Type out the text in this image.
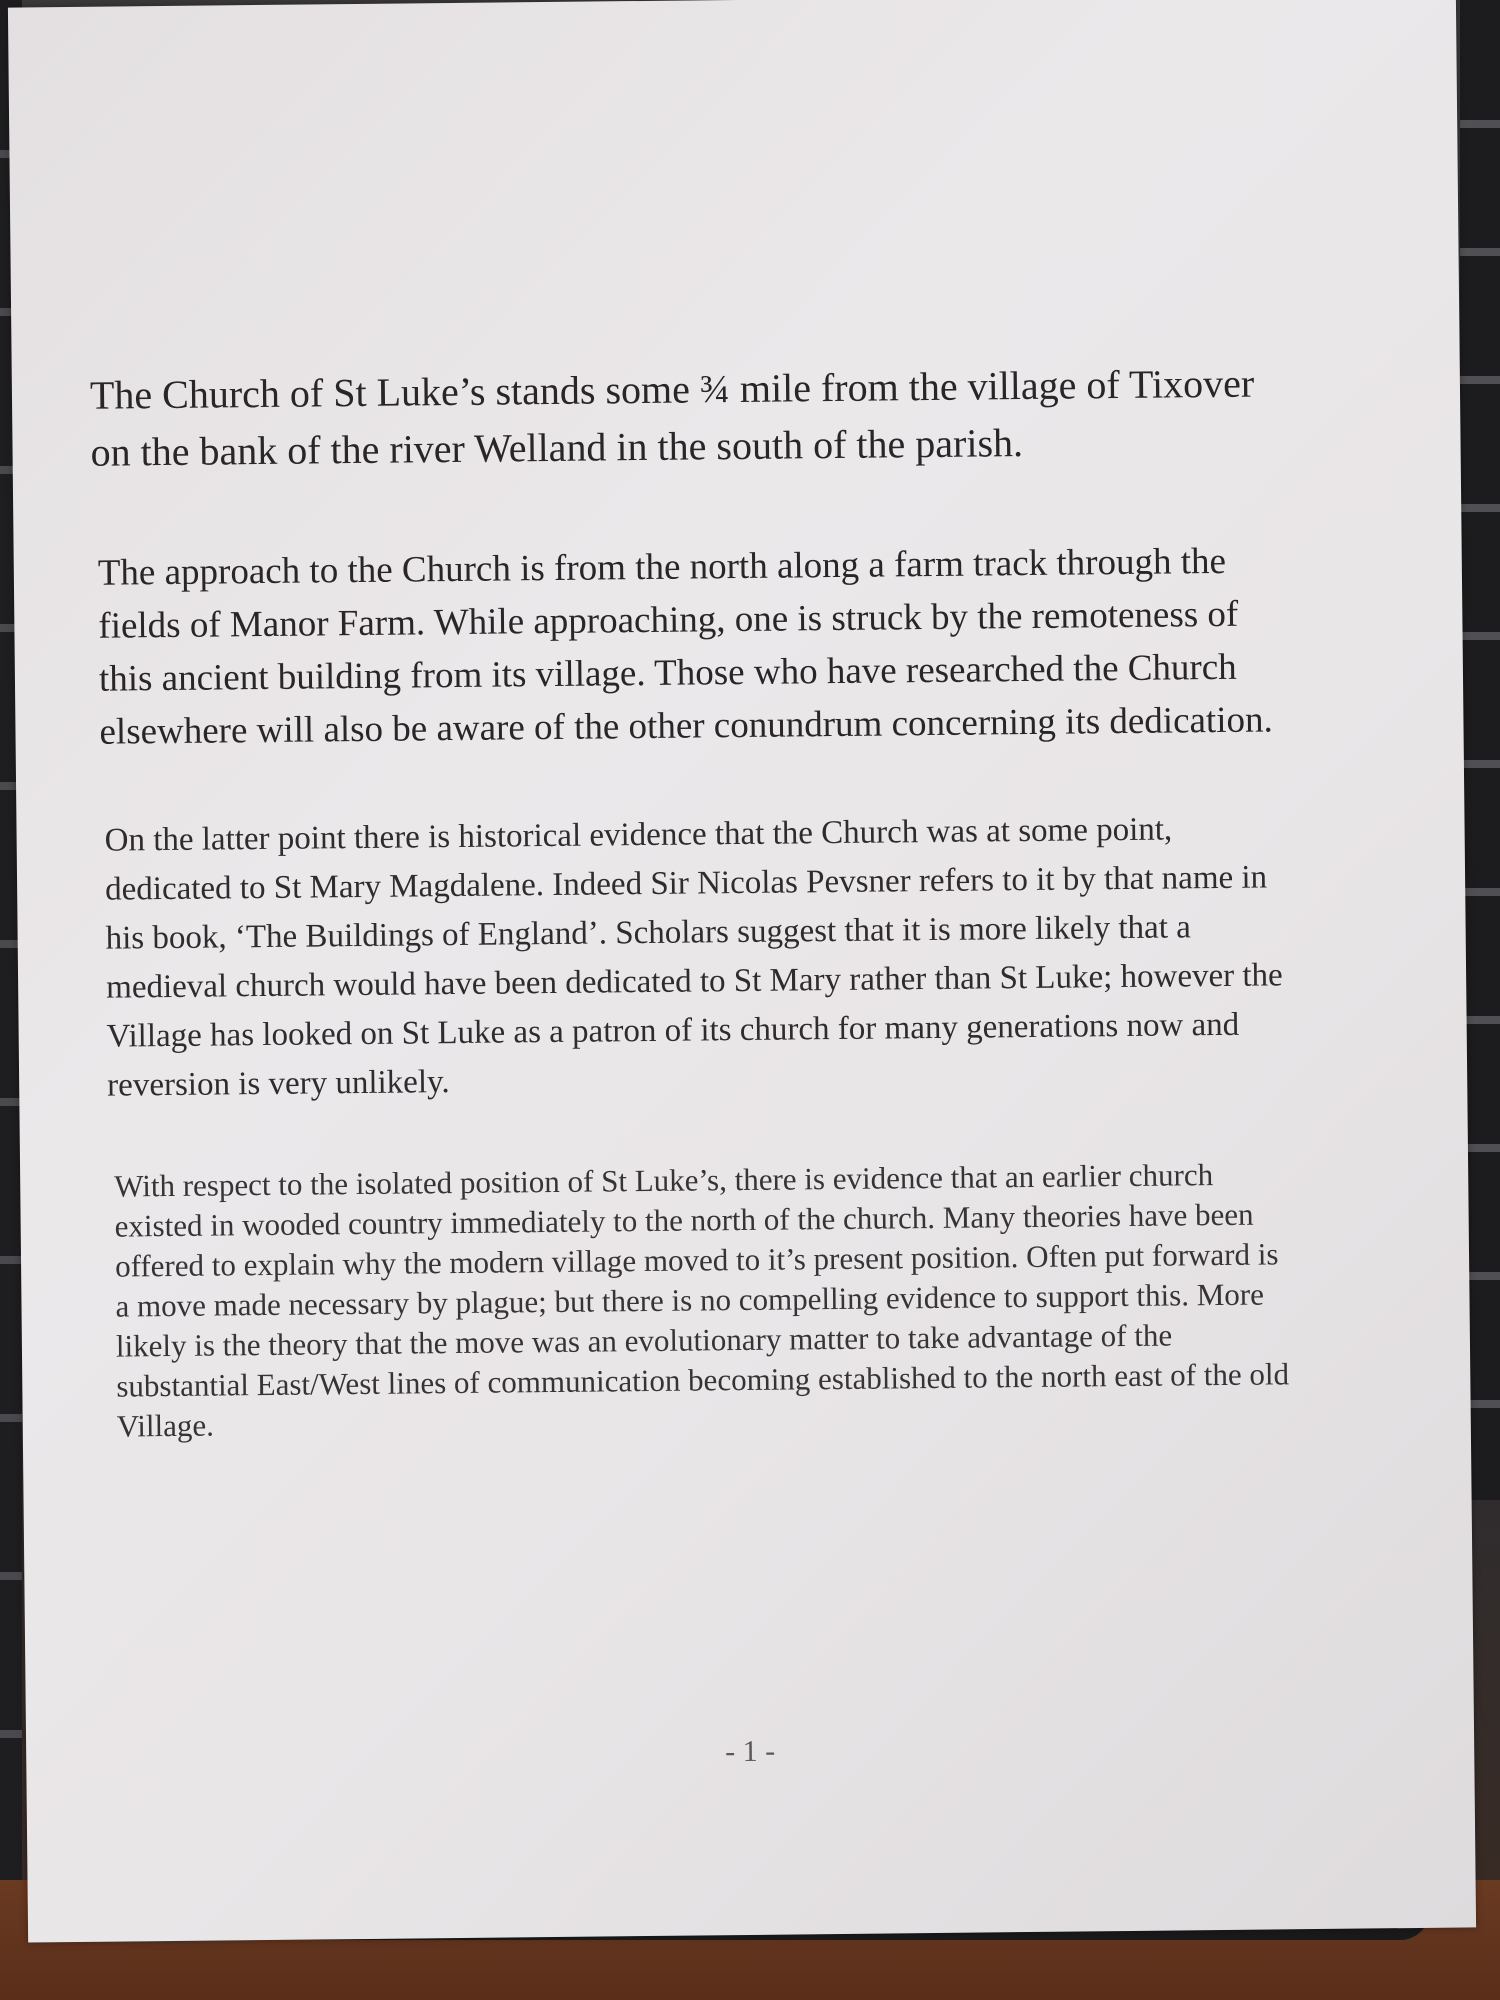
The Church of St Luke’s stands some ¾ mile from the village of Tixover on the bank of the river Welland in the south of the parish.

The approach to the Church is from the north along a farm track through the fields of Manor Farm. While approaching, one is struck by the remoteness of this ancient building from its village. Those who have researched the Church elsewhere will also be aware of the other conundrum concerning its dedication.

On the latter point there is historical evidence that the Church was at some point, dedicated to St Mary Magdalene. Indeed Sir Nicolas Pevsner refers to it by that name in his book, ‘The Buildings of England’. Scholars suggest that it is more likely that a medieval church would have been dedicated to St Mary rather than St Luke; however the Village has looked on St Luke as a patron of its church for many generations now and reversion is very unlikely.

With respect to the isolated position of St Luke’s, there is evidence that an earlier church existed in wooded country immediately to the north of the church. Many theories have been offered to explain why the modern village moved to it’s present position. Often put forward is a move made necessary by plague; but there is no compelling evidence to support this. More likely is the theory that the move was an evolutionary matter to take advantage of the substantial East/West lines of communication becoming established to the north east of the old Village.

- 1 -
